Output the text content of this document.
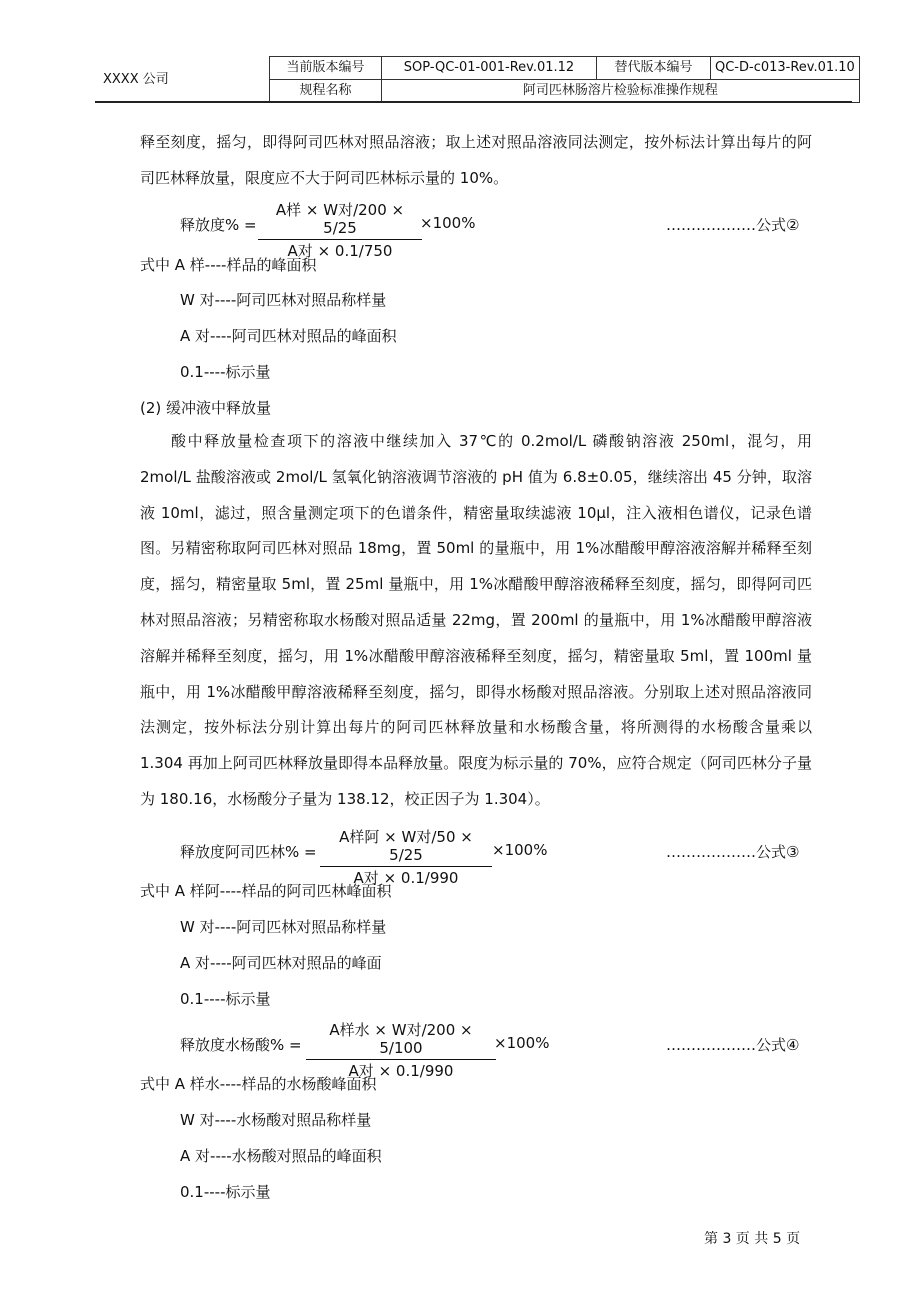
XXXX 公司
当前版本编号	SOP-QC-01-001-Rev.01.12	替代版本编号	QC-D-c013-Rev.01.10
规程名称	阿司匹林肠溶片检验标准操作规程		
释至刻度，摇匀，即得阿司匹林对照品溶液；取上述对照品溶液同法测定，按外标法计算出每片的阿司匹林释放量，限度应不大于阿司匹林标示量的 10%。
释放度% =
A样 × W对/200 × 5/25
A对 × 0.1/750
×100%	………………公式②
式中 A 样----样品的峰面积
W 对----阿司匹林对照品称样量
A 对----阿司匹林对照品的峰面积
0.1----标示量
(2) 缓冲液中释放量
酸中释放量检查项下的溶液中继续加入 37℃的 0.2mol/L 磷酸钠溶液 250ml，混匀，用 2mol/L 盐酸溶液或 2mol/L 氢氧化钠溶液调节溶液的 pH 值为 6.8±0.05，继续溶出 45 分钟，取溶液 10ml，滤过，照含量测定项下的色谱条件，精密量取续滤液 10μl，注入液相色谱仪，记录色谱图。另精密称取阿司匹林对照品 18mg，置 50ml 的量瓶中，用 1%冰醋酸甲醇溶液溶解并稀释至刻度，摇匀，精密量取 5ml，置 25ml 量瓶中，用 1%冰醋酸甲醇溶液稀释至刻度，摇匀，即得阿司匹林对照品溶液；另精密称取水杨酸对照品适量 22mg，置 200ml 的量瓶中，用 1%冰醋酸甲醇溶液溶解并稀释至刻度，摇匀，用 1%冰醋酸甲醇溶液稀释至刻度，摇匀，精密量取 5ml，置 100ml 量瓶中，用 1%冰醋酸甲醇溶液稀释至刻度，摇匀，即得水杨酸对照品溶液。分别取上述对照品溶液同法测定，按外标法分别计算出每片的阿司匹林释放量和水杨酸含量，将所测得的水杨酸含量乘以 1.304 再加上阿司匹林释放量即得本品释放量。限度为标示量的 70%，应符合规定（阿司匹林分子量为 180.16，水杨酸分子量为 138.12，校正因子为 1.304）。
释放度阿司匹林% =
A样阿 × W对/50 × 5/25
A对 × 0.1/990
×100%	………………公式③
式中 A 样阿----样品的阿司匹林峰面积
W 对----阿司匹林对照品称样量
A 对----阿司匹林对照品的峰面
0.1----标示量
释放度水杨酸% =
A样水 × W对/200 × 5/100
A对 × 0.1/990
×100%	………………公式④
式中 A 样水----样品的水杨酸峰面积
W 对----水杨酸对照品称样量
A 对----水杨酸对照品的峰面积
0.1----标示量
第 3 页 共 5 页
